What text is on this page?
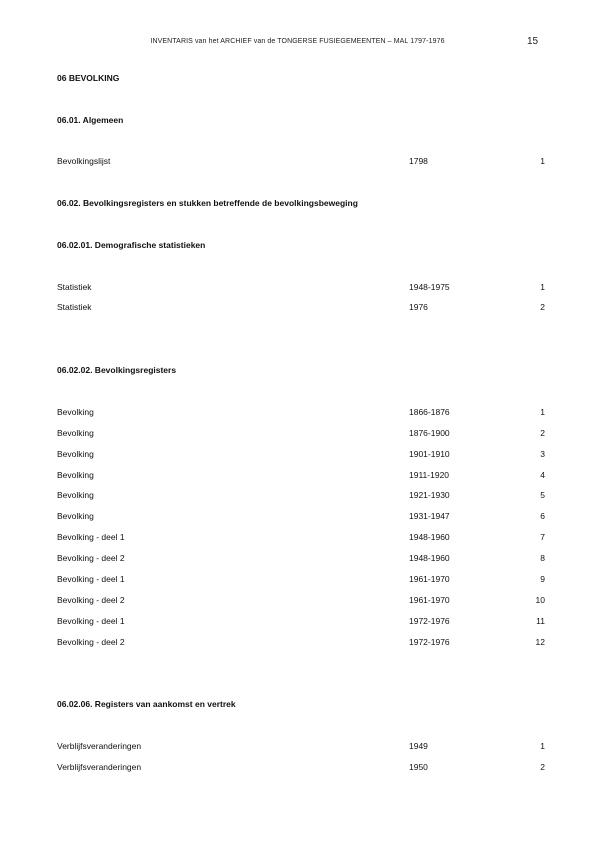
INVENTARIS van het ARCHIEF van de TONGERSE FUSIEGEMEENTEN – MAL 1797-1976	15
06 BEVOLKING
06.01. Algemeen
Bevolkingslijst	1798	1
06.02. Bevolkingsregisters en stukken betreffende de bevolkingsbeweging
06.02.01. Demografische statistieken
Statistiek	1948-1975	1
Statistiek	1976	2
06.02.02. Bevolkingsregisters
Bevolking	1866-1876	1
Bevolking	1876-1900	2
Bevolking	1901-1910	3
Bevolking	1911-1920	4
Bevolking	1921-1930	5
Bevolking	1931-1947	6
Bevolking - deel 1	1948-1960	7
Bevolking - deel 2	1948-1960	8
Bevolking - deel 1	1961-1970	9
Bevolking - deel 2	1961-1970	10
Bevolking - deel 1	1972-1976	11
Bevolking - deel 2	1972-1976	12
06.02.06. Registers van aankomst en vertrek
Verblijfsveranderingen	1949	1
Verblijfsveranderingen	1950	2
